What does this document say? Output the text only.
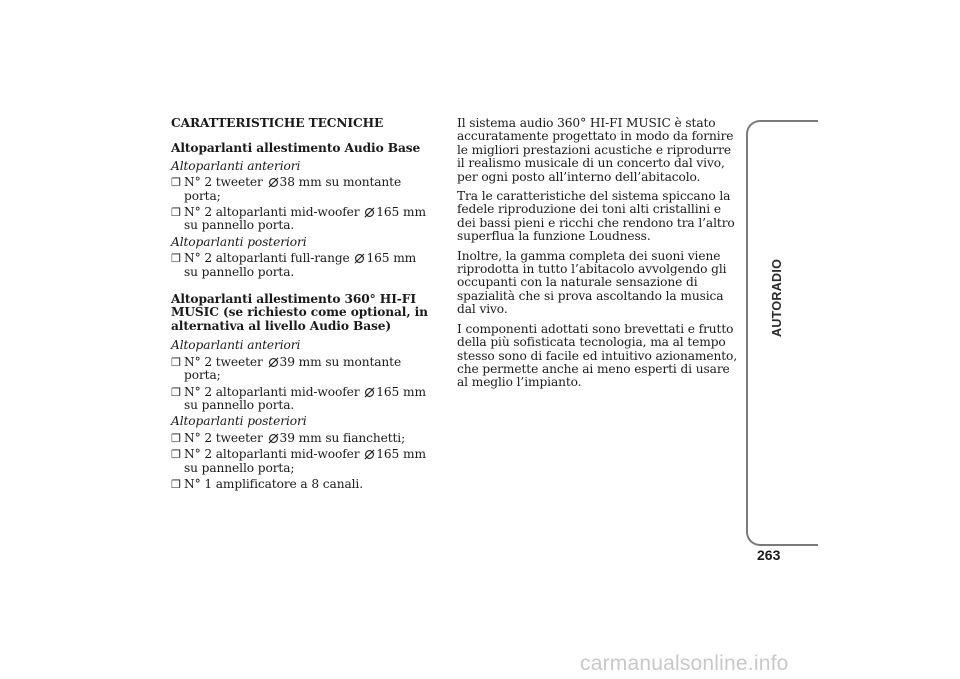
CARATTERISTICHE TECNICHE
Altoparlanti allestimento Audio Base
Altoparlanti anteriori
❐ N° 2 tweeter 38 mm su montante porta;
❐ N° 2 altoparlanti mid-woofer 165 mm su pannello porta.
Altoparlanti posteriori
❐ N° 2 altoparlanti full-range 165 mm su pannello porta.
Altoparlanti allestimento 360° HI-FI MUSIC (se richiesto come optional, in alternativa al livello Audio Base)
Altoparlanti anteriori
❐ N° 2 tweeter 39 mm su montante porta;
❐ N° 2 altoparlanti mid-woofer 165 mm su pannello porta.
Altoparlanti posteriori
❐ N° 2 tweeter 39 mm su fianchetti;
❐ N° 2 altoparlanti mid-woofer 165 mm su pannello porta;
❐ N° 1 amplificatore a 8 canali.
Il sistema audio 360° HI-FI MUSIC è stato accuratamente progettato in modo da fornire le migliori prestazioni acustiche e riprodurre il realismo musicale di un concerto dal vivo, per ogni posto all’interno dell’abitacolo.
Tra le caratteristiche del sistema spiccano la fedele riproduzione dei toni alti cristallini e dei bassi pieni e ricchi che rendono tra l’altro superflua la funzione Loudness.
Inoltre, la gamma completa dei suoni viene riprodotta in tutto l’abitacolo avvolgendo gli occupanti con la naturale sensazione di spazialità che si prova ascoltando la musica dal vivo.
I componenti adottati sono brevettati e frutto della più sofisticata tecnologia, ma al tempo stesso sono di facile ed intuitivo azionamento, che permette anche ai meno esperti di usare al meglio l’impianto.
AUTORADIO
263
carmanualsonline.info
